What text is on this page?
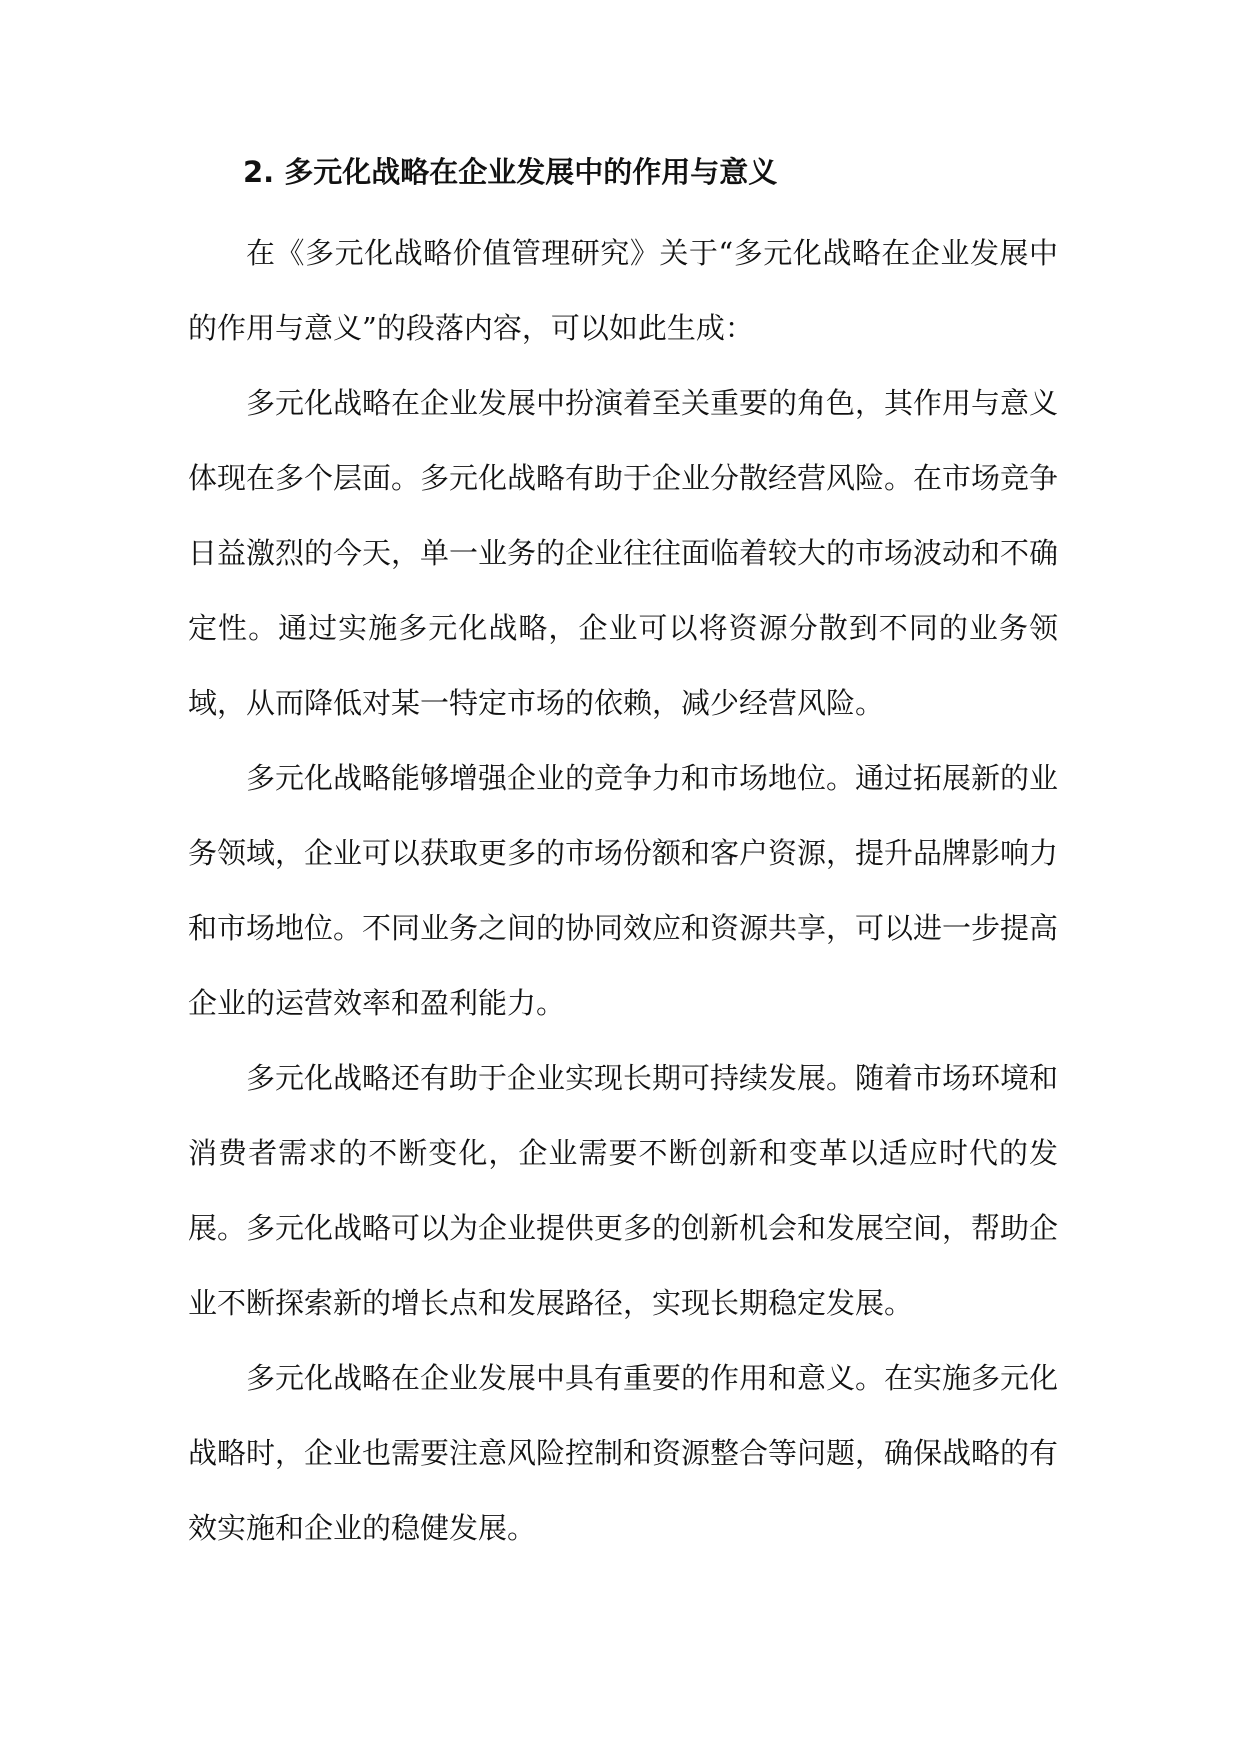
2. 多元化战略在企业发展中的作用与意义

在《多元化战略价值管理研究》关于“多元化战略在企业发展中的作用与意义”的段落内容，可以如此生成：

多元化战略在企业发展中扮演着至关重要的角色，其作用与意义体现在多个层面。多元化战略有助于企业分散经营风险。在市场竞争日益激烈的今天，单一业务的企业往往面临着较大的市场波动和不确定性。通过实施多元化战略，企业可以将资源分散到不同的业务领域，从而降低对某一特定市场的依赖，减少经营风险。

多元化战略能够增强企业的竞争力和市场地位。通过拓展新的业务领域，企业可以获取更多的市场份额和客户资源，提升品牌影响力和市场地位。不同业务之间的协同效应和资源共享，可以进一步提高企业的运营效率和盈利能力。

多元化战略还有助于企业实现长期可持续发展。随着市场环境和消费者需求的不断变化，企业需要不断创新和变革以适应时代的发展。多元化战略可以为企业提供更多的创新机会和发展空间，帮助企业不断探索新的增长点和发展路径，实现长期稳定发展。

多元化战略在企业发展中具有重要的作用和意义。在实施多元化战略时，企业也需要注意风险控制和资源整合等问题，确保战略的有效实施和企业的稳健发展。
